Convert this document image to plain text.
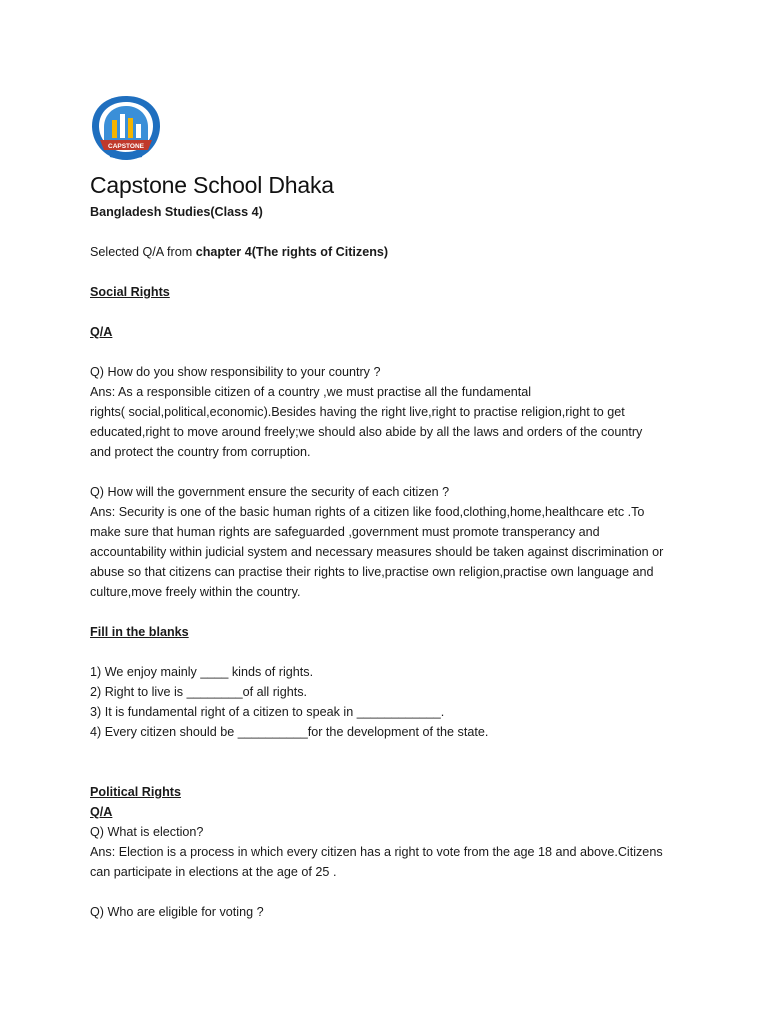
CAPSTONE
Capstone School Dhaka
Bangladesh Studies(Class 4)
Selected Q/A from chapter 4(The rights of Citizens)
Social Rights
Q/A
Q) How do you show responsibility to your country ?
Ans: As a responsible citizen of a country ,we must practise all the fundamental
rights( social,political,economic).Besides having the right live,right to practise religion,right to get
educated,right to move around freely;we should also abide by all the laws and orders of the country
and protect the country from corruption.
Q) How will the government ensure the security of each citizen ?
Ans: Security is one of the basic human rights of a citizen like food,clothing,home,healthcare etc .To
make sure that human rights are safeguarded ,government must promote transperancy and
accountability within judicial system and necessary measures should be taken against discrimination or
abuse so that citizens can practise their rights to live,practise own religion,practise own language and
culture,move freely within the country.
Fill in the blanks
1) We enjoy mainly ____ kinds of rights.
2) Right to live is ________of all rights.
3) It is fundamental right of a citizen to speak in ____________.
4) Every citizen should be __________for the development of the state.
Political Rights
Q/A
Q) What is election?
Ans: Election is a process in which every citizen has a right to vote from the age 18 and above.Citizens
can participate in elections at the age of 25 .
Q) Who are eligible for voting ?
